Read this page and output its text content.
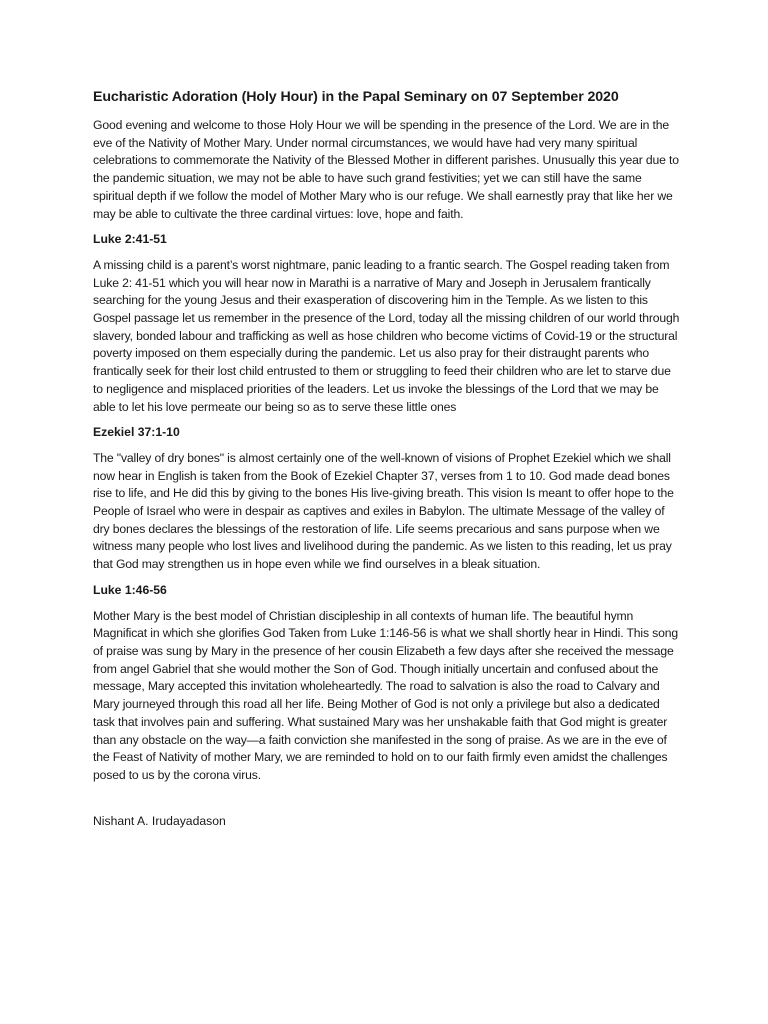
Eucharistic Adoration (Holy Hour) in the Papal Seminary on 07 September 2020

Good evening and welcome to those Holy Hour we will be spending in the presence of the Lord. We are in the eve of the Nativity of Mother Mary. Under normal circumstances, we would have had very many spiritual celebrations to commemorate the Nativity of the Blessed Mother in different parishes. Unusually this year due to the pandemic situation, we may not be able to have such grand festivities; yet we can still have the same spiritual depth if we follow the model of Mother Mary who is our refuge. We shall earnestly pray that like her we may be able to cultivate the three cardinal virtues: love, hope and faith.

Luke 2:41-51

A missing child is a parent’s worst nightmare, panic leading to a frantic search. The Gospel reading taken from Luke 2: 41-51 which you will hear now in Marathi is a narrative of Mary and Joseph in Jerusalem frantically searching for the young Jesus and their exasperation of discovering him in the Temple. As we listen to this Gospel passage let us remember in the presence of the Lord, today all the missing children of our world through slavery, bonded labour and trafficking as well as hose children who become victims of Covid-19 or the structural poverty imposed on them especially during the pandemic. Let us also pray for their distraught parents who frantically seek for their lost child entrusted to them or struggling to feed their children who are let to starve due to negligence and misplaced priorities of the leaders. Let us invoke the blessings of the Lord that we may be able to let his love permeate our being so as to serve these little ones

Ezekiel 37:1-10

The "valley of dry bones" is almost certainly one of the well-known of visions of Prophet Ezekiel which we shall now hear in English is taken from the Book of Ezekiel Chapter 37, verses from 1 to 10. God made dead bones rise to life, and He did this by giving to the bones His live-giving breath. This vision Is meant to offer hope to the People of Israel who were in despair as captives and exiles in Babylon. The ultimate Message of the valley of dry bones declares the blessings of the restoration of life. Life seems precarious and sans purpose when we witness many people who lost lives and livelihood during the pandemic. As we listen to this reading, let us pray that God may strengthen us in hope even while we find ourselves in a bleak situation.

Luke 1:46-56

Mother Mary is the best model of Christian discipleship in all contexts of human life. The beautiful hymn Magnificat in which she glorifies God Taken from Luke 1:146-56 is what we shall shortly hear in Hindi. This song of praise was sung by Mary in the presence of her cousin Elizabeth a few days after she received the message from angel Gabriel that she would mother the Son of God. Though initially uncertain and confused about the message, Mary accepted this invitation wholeheartedly. The road to salvation is also the road to Calvary and Mary journeyed through this road all her life. Being Mother of God is not only a privilege but also a dedicated task that involves pain and suffering. What sustained Mary was her unshakable faith that God might is greater than any obstacle on the way—a faith conviction she manifested in the song of praise. As we are in the eve of the Feast of Nativity of mother Mary, we are reminded to hold on to our faith firmly even amidst the challenges posed to us by the corona virus.

Nishant A. Irudayadason
